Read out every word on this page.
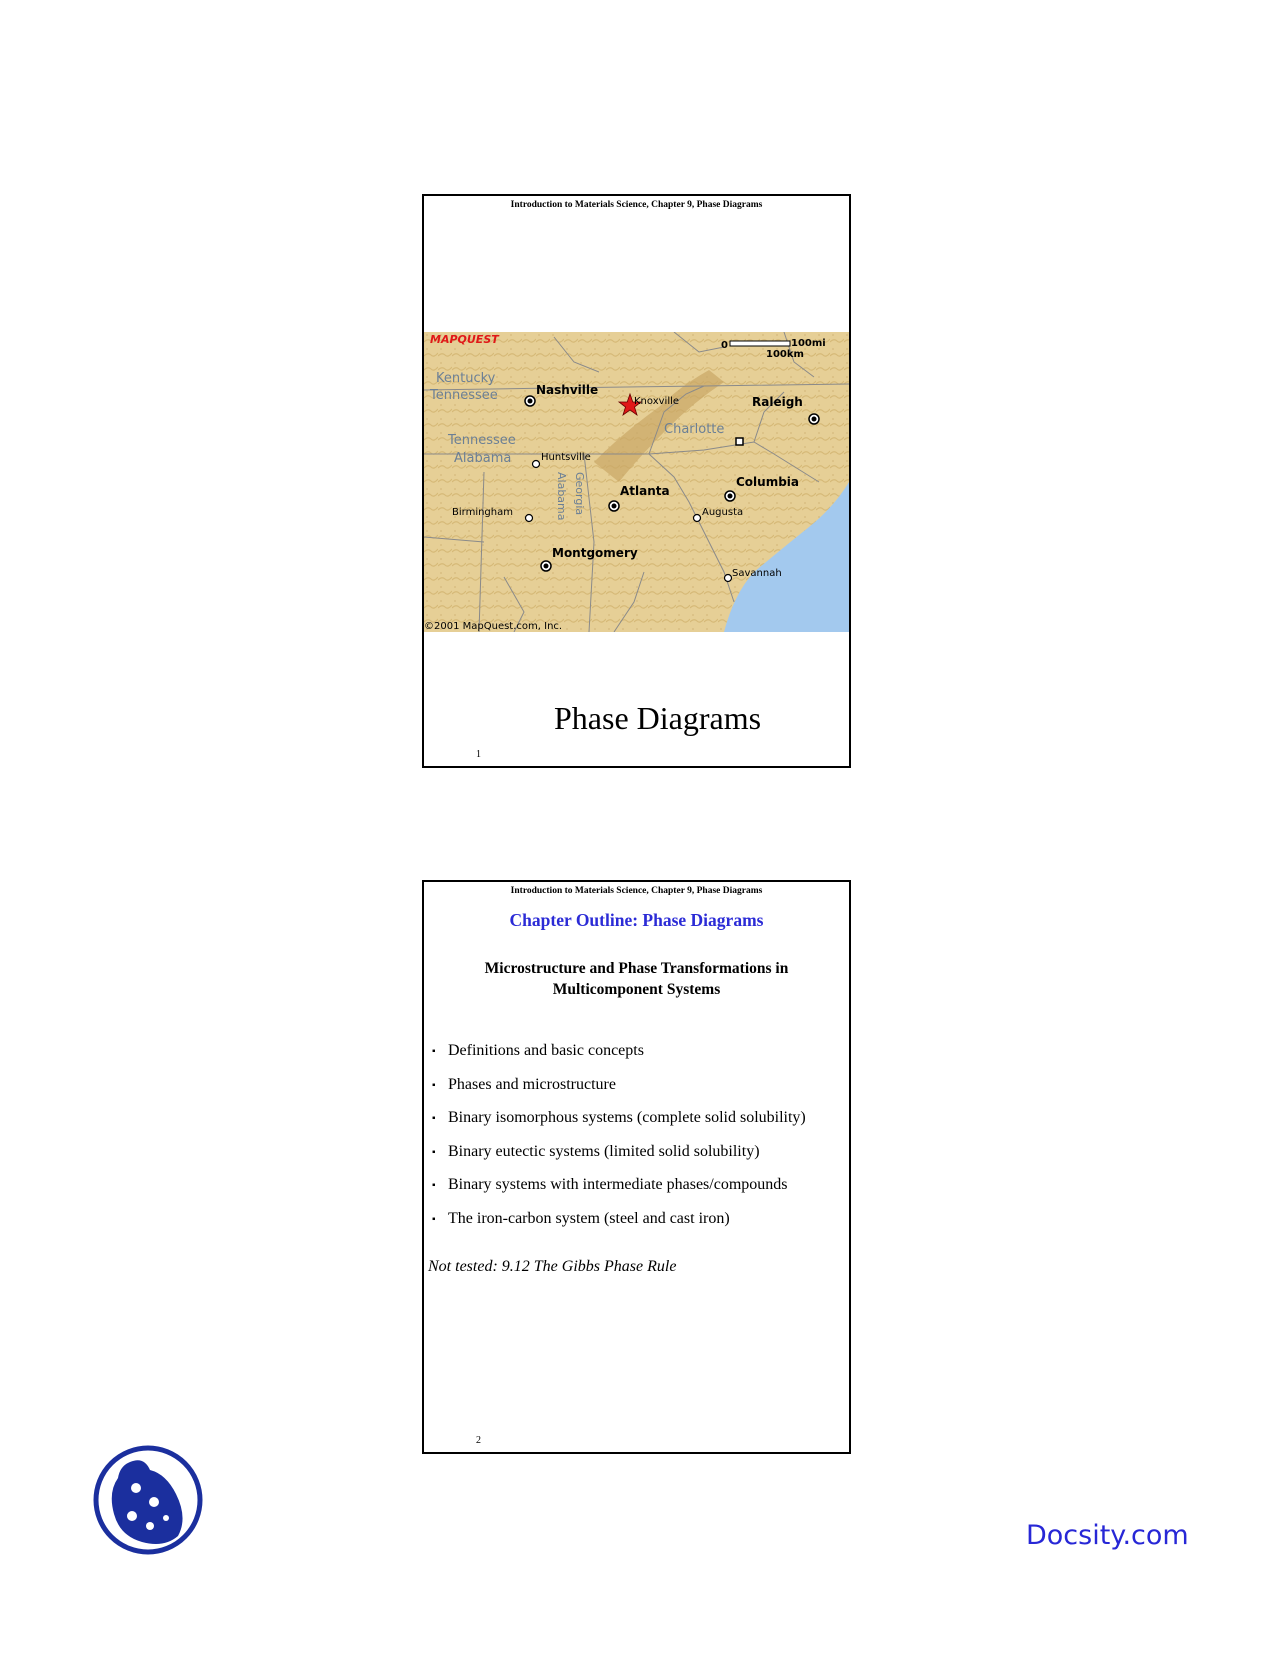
Introduction to Materials Science, Chapter 9, Phase Diagrams
MAPQUEST	0	100mi
100km
Kentucky
Tennessee
Tennessee
Alabama
Alabama Georgia
Nashville
Knoxville	Raleigh
Charlotte
Huntsville
Atlanta
Columbia
Birmingham	Augusta
Montgomery
Savannah
©2001 MapQuest.com, Inc.
Phase Diagrams
1
Introduction to Materials Science, Chapter 9, Phase Diagrams
Chapter Outline: Phase Diagrams
Microstructure and Phase Transformations in
Multicomponent Systems
▪ Definitions and basic concepts
▪ Phases and microstructure
▪ Binary isomorphous systems (complete solid solubility)
▪ Binary eutectic systems (limited solid solubility)
▪ Binary systems with intermediate phases/compounds
▪ The iron-carbon system (steel and cast iron)
Not tested: 9.12 The Gibbs Phase Rule
2
Docsity.com
